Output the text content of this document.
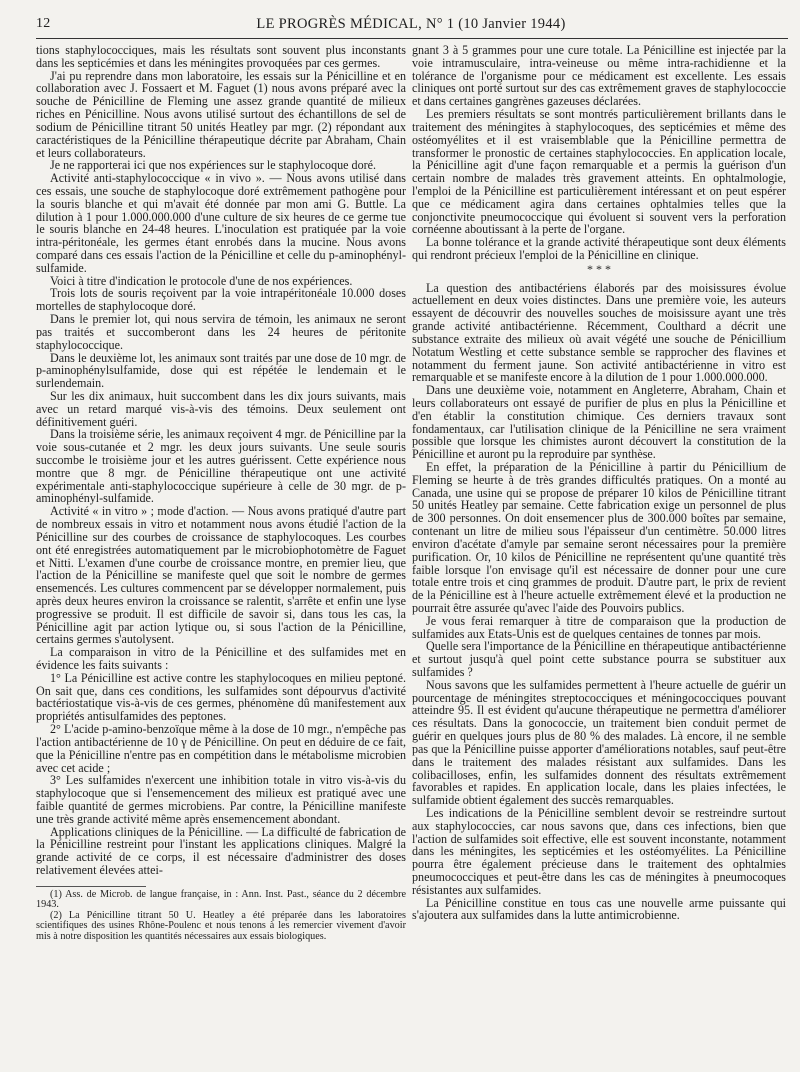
12	LE PROGRÈS MÉDICAL, N° 1 (10 Janvier 1944)

tions staphylococciques, mais les résultats sont souvent plus inconstants dans les septicémies et dans les méningites provoquées par ces germes.

J'ai pu reprendre dans mon laboratoire, les essais sur la Pénicilline et en collaboration avec J. Fossaert et M. Faguet (1) nous avons préparé avec la souche de Pénicilline de Fleming une assez grande quantité de milieux riches en Pénicilline. Nous avons utilisé surtout des échantillons de sel de sodium de Pénicilline titrant 50 unités Heatley par mgr. (2) répondant aux caractéristiques de la Pénicilline thérapeutique décrite par Abraham, Chain et leurs collaborateurs.

Je ne rapporterai ici que nos expériences sur le staphylocoque doré.

Activité anti-staphylococcique « in vivo ». — Nous avons utilisé dans ces essais, une souche de staphylocoque doré extrêmement pathogène pour la souris blanche et qui m'avait été donnée par mon ami G. Buttle. La dilution à 1 pour 1.000.000.000 d'une culture de six heures de ce germe tue le souris blanche en 24-48 heures. L'inoculation est pratiquée par la voie intra-péritonéale, les germes étant enrobés dans la mucine. Nous avons comparé dans ces essais l'action de la Pénicilline et celle du p-aminophényl-sulfamide.

Voici à titre d'indication le protocole d'une de nos expériences.

Trois lots de souris reçoivent par la voie intrapéritonéale 10.000 doses mortelles de staphylocoque doré.

Dans le premier lot, qui nous servira de témoin, les animaux ne seront pas traités et succomberont dans les 24 heures de péritonite staphylococcique.

Dans le deuxième lot, les animaux sont traités par une dose de 10 mgr. de p-aminophénylsulfamide, dose qui est répétée le lendemain et le surlendemain.

Sur les dix animaux, huit succombent dans les dix jours suivants, mais avec un retard marqué vis-à-vis des témoins. Deux seulement ont définitivement guéri.

Dans la troisième série, les animaux reçoivent 4 mgr. de Pénicilline par la voie sous-cutanée et 2 mgr. les deux jours suivants. Une seule souris succombe le troisième jour et les autres guérissent. Cette expérience nous montre que 8 mgr. de Pénicilline thérapeutique ont une activité expérimentale anti-staphylococcique supérieure à celle de 30 mgr. de p-aminophényl-sulfamide.

Activité « in vitro » ; mode d'action. — Nous avons pratiqué d'autre part de nombreux essais in vitro et notamment nous avons étudié l'action de la Pénicilline sur des courbes de croissance de staphylocoques. Les courbes ont été enregistrées automatiquement par le microbiophotomètre de Faguet et Nitti. L'examen d'une courbe de croissance montre, en premier lieu, que l'action de la Pénicilline se manifeste quel que soit le nombre de germes ensemencés. Les cultures commencent par se développer normalement, puis après deux heures environ la croissance se ralentit, s'arrête et enfin une lyse progressive se produit. Il est difficile de savoir si, dans tous les cas, la Pénicilline agit par action lytique ou, si sous l'action de la Pénicilline, certains germes s'autolysent.

La comparaison in vitro de la Pénicilline et des sulfamides met en évidence les faits suivants :

1° La Pénicilline est active contre les staphylocoques en milieu peptoné. On sait que, dans ces conditions, les sulfamides sont dépourvus d'activité bactériostatique vis-à-vis de ces germes, phénomène dû manifestement aux propriétés antisulfamides des peptones.

2° L'acide p-amino-benzoïque même à la dose de 10 mgr., n'empêche pas l'action antibactérienne de 10 γ de Pénicilline. On peut en déduire de ce fait, que la Pénicilline n'entre pas en compétition dans le métabolisme microbien avec cet acide ;

3° Les sulfamides n'exercent une inhibition totale in vitro vis-à-vis du staphylocoque que si l'ensemencement des milieux est pratiqué avec une faible quantité de germes microbiens. Par contre, la Pénicilline manifeste une très grande activité même après ensemencement abondant.

Applications cliniques de la Pénicilline. — La difficulté de fabrication de la Pénicilline restreint pour l'instant les applications cliniques. Malgré la grande activité de ce corps, il est nécessaire d'administrer des doses relativement élevées attei-

(1) Ass. de Microb. de langue française, in : Ann. Inst. Past., séance du 2 décembre 1943.

(2) La Pénicilline titrant 50 U. Heatley a été préparée dans les laboratoires scientifiques des usines Rhône-Poulenc et nous tenons à les remercier vivement d'avoir mis à notre disposition les quantités nécessaires aux essais biologiques.

gnant 3 à 5 grammes pour une cure totale. La Pénicilline est injectée par la voie intramusculaire, intra-veineuse ou même intra-rachidienne et la tolérance de l'organisme pour ce médicament est excellente. Les essais cliniques ont porté surtout sur des cas extrêmement graves de staphylococcie et dans certaines gangrènes gazeuses déclarées.

Les premiers résultats se sont montrés particulièrement brillants dans le traitement des méningites à staphylocoques, des septicémies et même des ostéomyélites et il est vraisemblable que la Pénicilline permettra de transformer le pronostic de certaines staphylococcies. En application locale, la Pénicilline agit d'une façon remarquable et a permis la guérison d'un certain nombre de malades très gravement atteints. En ophtalmologie, l'emploi de la Pénicilline est particulièrement intéressant et on peut espérer que ce médicament agira dans certaines ophtalmies telles que la conjonctivite pneumococcique qui évoluent si souvent vers la perforation cornéenne aboutissant à la perte de l'organe.

La bonne tolérance et la grande activité thérapeutique sont deux éléments qui rendront précieux l'emploi de la Pénicilline en clinique.

* * *

La question des antibactériens élaborés par des moisissures évolue actuellement en deux voies distinctes. Dans une première voie, les auteurs essayent de découvrir des nouvelles souches de moisissure ayant une très grande activité antibactérienne. Récemment, Coulthard a décrit une substance extraite des milieux où avait végété une souche de Pénicillium Notatum Westling et cette substance semble se rapprocher des flavines et notamment du ferment jaune. Son activité antibactérienne in vitro est remarquable et se manifeste encore à la dilution de 1 pour 1.000.000.000.

Dans une deuxième voie, notamment en Angleterre, Abraham, Chain et leurs collaborateurs ont essayé de purifier de plus en plus la Pénicilline et d'en établir la constitution chimique. Ces derniers travaux sont fondamentaux, car l'utilisation clinique de la Pénicilline ne sera vraiment possible que lorsque les chimistes auront découvert la constitution de la Pénicilline et auront pu la reproduire par synthèse.

En effet, la préparation de la Pénicilline à partir du Pénicillium de Fleming se heurte à de très grandes difficultés pratiques. On a monté au Canada, une usine qui se propose de préparer 10 kilos de Pénicilline titrant 50 unités Heatley par semaine. Cette fabrication exige un personnel de plus de 300 personnes. On doit ensemencer plus de 300.000 boîtes par semaine, contenant un litre de milieu sous l'épaisseur d'un centimètre. 50.000 litres environ d'acétate d'amyle par semaine seront nécessaires pour la première purification. Or, 10 kilos de Pénicilline ne représentent qu'une quantité très faible lorsque l'on envisage qu'il est nécessaire de donner pour une cure totale entre trois et cinq grammes de produit. D'autre part, le prix de revient de la Pénicilline est à l'heure actuelle extrêmement élevé et la production ne pourrait être assurée qu'avec l'aide des Pouvoirs publics.

Je vous ferai remarquer à titre de comparaison que la production de sulfamides aux Etats-Unis est de quelques centaines de tonnes par mois.

Quelle sera l'importance de la Pénicilline en thérapeutique antibactérienne et surtout jusqu'à quel point cette substance pourra se substituer aux sulfamides ?

Nous savons que les sulfamides permettent à l'heure actuelle de guérir un pourcentage de méningites streptococciques et méningococciques pouvant atteindre 95. Il est évident qu'aucune thérapeutique ne permettra d'améliorer ces résultats. Dans la gonococcie, un traitement bien conduit permet de guérir en quelques jours plus de 80 % des malades. Là encore, il ne semble pas que la Pénicilline puisse apporter d'améliorations notables, sauf peut-être dans le traitement des malades résistant aux sulfamides. Dans les colibacilloses, enfin, les sulfamides donnent des résultats extrêmement favorables et rapides. En application locale, dans les plaies infectées, le sulfamide obtient également des succès remarquables.

Les indications de la Pénicilline semblent devoir se restreindre surtout aux staphylococcies, car nous savons que, dans ces infections, bien que l'action de sulfamides soit effective, elle est souvent inconstante, notamment dans les méningites, les septicémies et les ostéomyélites. La Pénicilline pourra être également précieuse dans le traitement des ophtalmies pneumococciques et peut-être dans les cas de méningites à pneumocoques résistantes aux sulfamides.

La Pénicilline constitue en tous cas une nouvelle arme puissante qui s'ajoutera aux sulfamides dans la lutte antimicrobienne.
